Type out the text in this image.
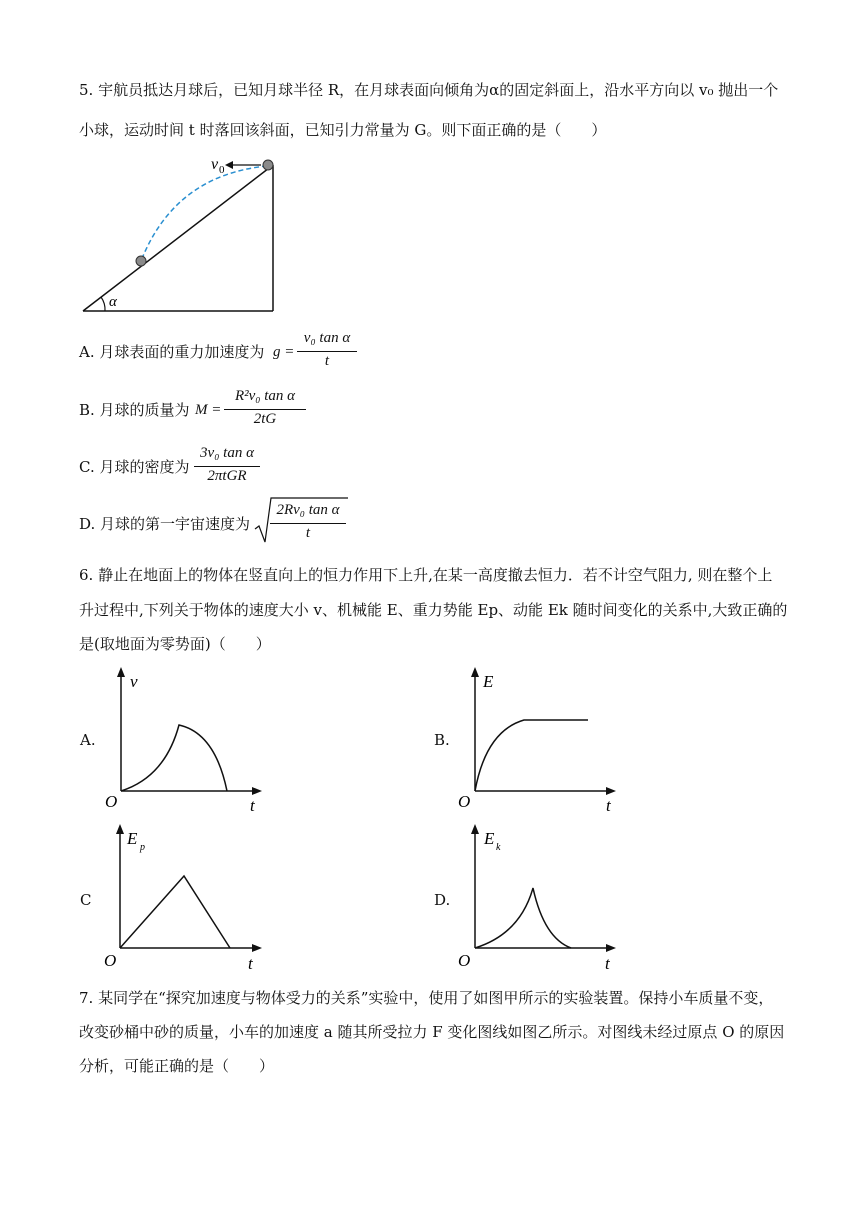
5. 宇航员抵达月球后，已知月球半径 R，在月球表面向倾角为α的固定斜面上，沿水平方向以 v₀ 抛出一个
小球，运动时间 t 时落回该斜面，已知引力常量为 G。则下面正确的是（　　）
α
v 0
A. 月球表面的重力加速度为 g =
v₀ tan α
t
B. 月球的质量为 M =
R²v₀ tan α
2tG
C. 月球的密度为
3v₀ tan α
2πtGR
D. 月球的第一宇宙速度为
2Rv₀ tan α
t
6. 静止在地面上的物体在竖直向上的恒力作用下上升,在某一高度撤去恒力．若不计空气阻力, 则在整个上
升过程中,下列关于物体的速度大小 v、机械能 E、重力势能 Ep、动能 Ek 随时间变化的关系中,大致正确的
是(取地面为零势面)（　　）
A.
v
O	t
B.
E
O	t
C
E p
O	t
D.
E k
O	t
7. 某同学在“探究加速度与物体受力的关系”实验中，使用了如图甲所示的实验装置。保持小车质量不变，
改变砂桶中砂的质量，小车的加速度 a 随其所受拉力 F 变化图线如图乙所示。对图线未经过原点 O 的原因
分析，可能正确的是（　　）
